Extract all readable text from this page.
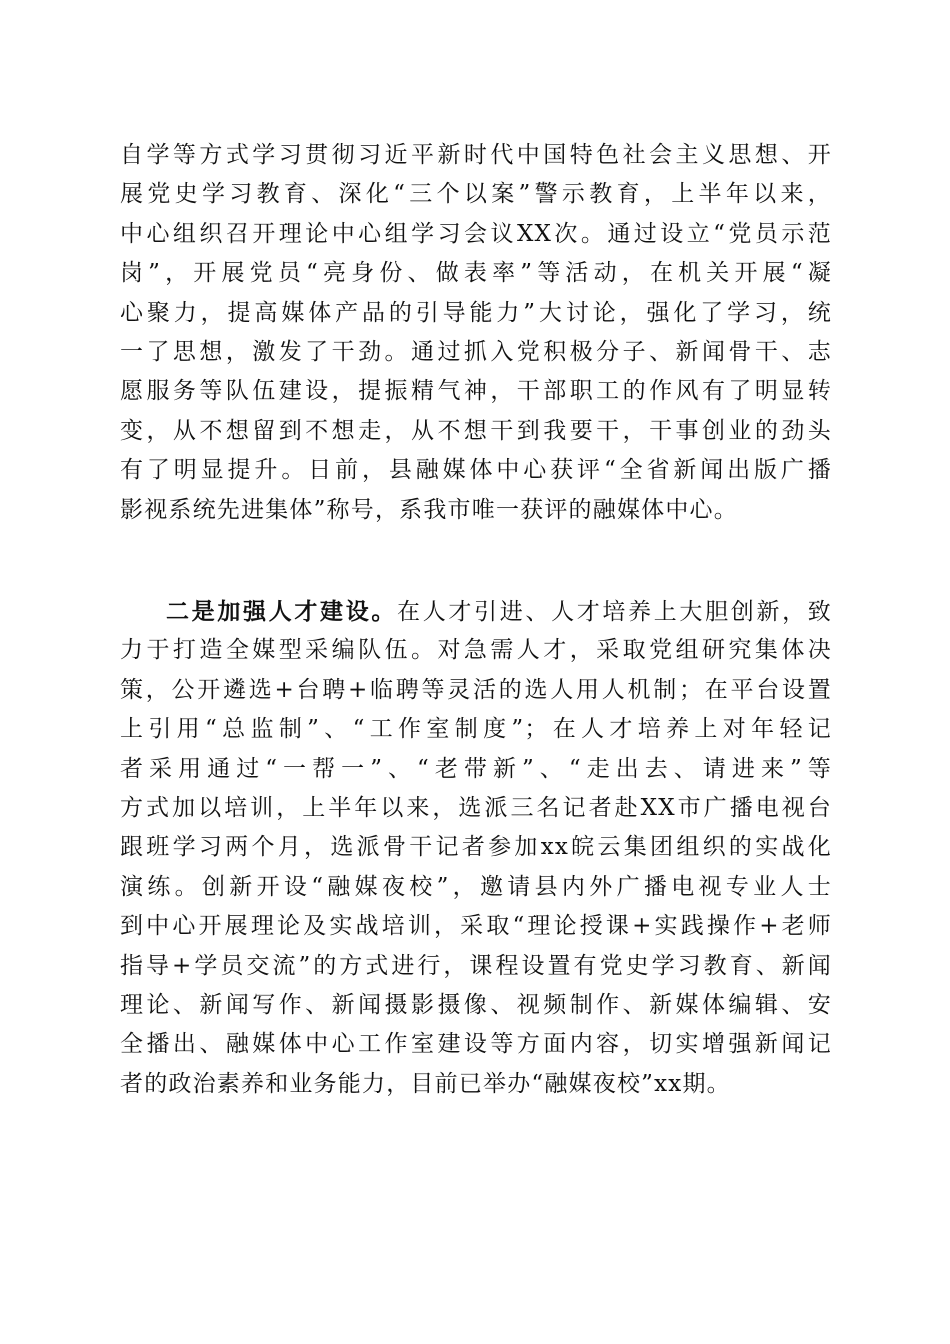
自学等方式学习贯彻习近平新时代中国特色社会主义思想、开
展党史学习教育、深化“三个以案”警示教育，上半年以来，
中心组织召开理论中心组学习会议XX次。通过设立“党员示范
岗”，开展党员“亮身份、做表率”等活动，在机关开展“凝
心聚力，提高媒体产品的引导能力”大讨论，强化了学习，统
一了思想，激发了干劲。通过抓入党积极分子、新闻骨干、志
愿服务等队伍建设，提振精气神，干部职工的作风有了明显转
变，从不想留到不想走，从不想干到我要干，干事创业的劲头
有了明显提升。日前，县融媒体中心获评“全省新闻出版广播
影视系统先进集体”称号，系我市唯一获评的融媒体中心。
二是加强人才建设。在人才引进、人才培养上大胆创新，致
力于打造全媒型采编队伍。对急需人才，采取党组研究集体决
策，公开遴选+台聘+临聘等灵活的选人用人机制；在平台设置
上引用“总监制”、“工作室制度”；在人才培养上对年轻记
者采用通过“一帮一”、“老带新”、“走出去、请进来”等
方式加以培训，上半年以来，选派三名记者赴XX市广播电视台
跟班学习两个月，选派骨干记者参加xx皖云集团组织的实战化
演练。创新开设“融媒夜校”，邀请县内外广播电视专业人士
到中心开展理论及实战培训，采取“理论授课+实践操作+老师
指导+学员交流”的方式进行，课程设置有党史学习教育、新闻
理论、新闻写作、新闻摄影摄像、视频制作、新媒体编辑、安
全播出、融媒体中心工作室建设等方面内容，切实增强新闻记
者的政治素养和业务能力，目前已举办“融媒夜校”xx期。
